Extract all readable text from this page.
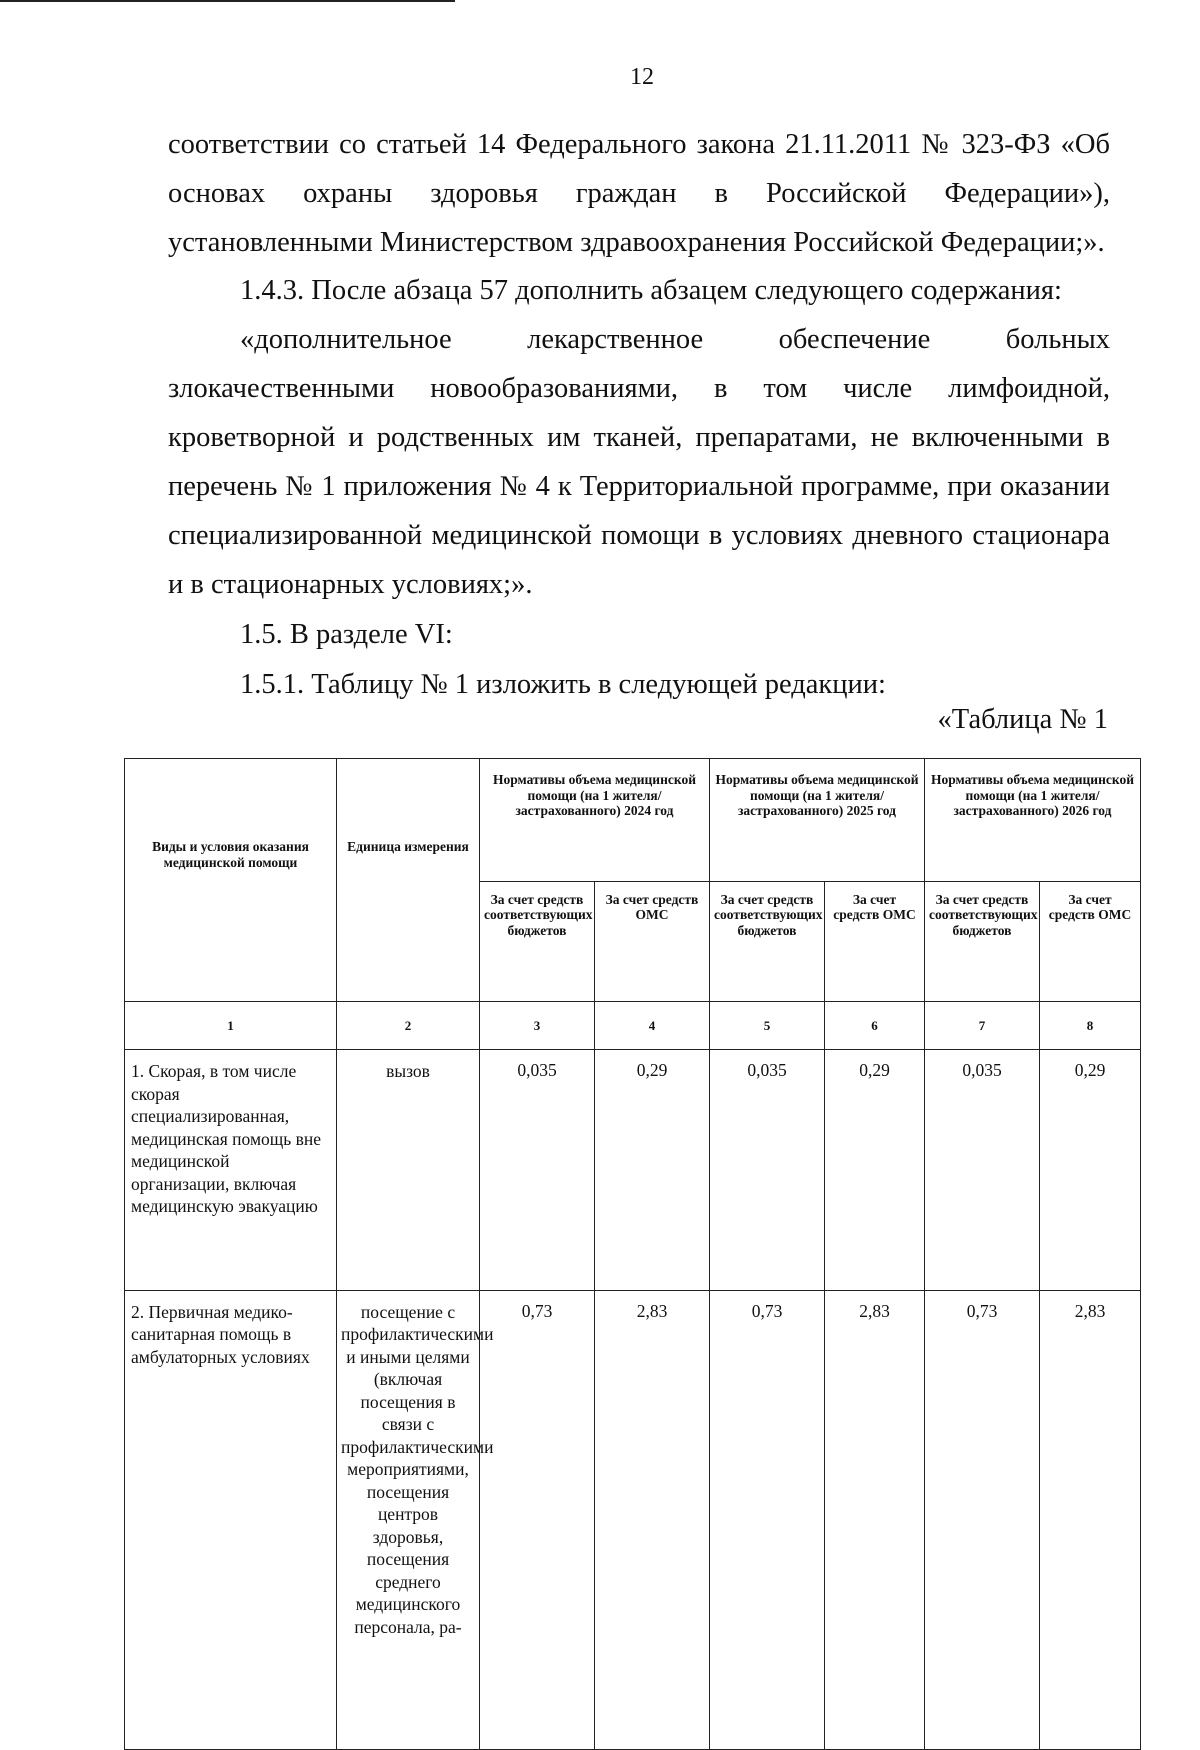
12
соответствии со статьей 14 Федерального закона 21.11.2011 № 323-ФЗ «Об основах охраны здоровья граждан в Российской Федерации»), установленными Министерством здравоохранения Российской Федерации;».
1.4.3. После абзаца 57 дополнить абзацем следующего содержания:
«дополнительное лекарственное обеспечение больных злокачественными новообразованиями, в том числе лимфоидной, кроветворной и родственных им тканей, препаратами, не включенными в перечень № 1 приложения № 4 к Территориальной программе, при оказании специализированной медицинской помощи в условиях дневного стационара и в стационарных условиях;».
1.5. В разделе VI:
1.5.1. Таблицу № 1 изложить в следующей редакции:
«Таблица № 1
Виды и условия оказания медицинской помощи	Единица измерения	Нормативы объема медицинской помощи (на 1 жителя/застрахованного) 2024 год		Нормативы объема медицинской помощи (на 1 жителя/застрахованного) 2025 год		Нормативы объема медицинской помощи (на 1 жителя/застрахованного) 2026 год	
		За счет средств соответствующих бюджетов	За счет средств ОМС	За счет средств соответствующих бюджетов	За счет средств ОМС	За счет средств соответствующих бюджетов	За счет средств ОМС
1	2	3	4	5	6	7	8
1. Скорая, в том числе скорая специализированная, медицинская помощь вне медицинской организации, включая медицинскую эвакуацию	вызов	0,035	0,29	0,035	0,29	0,035	0,29
2. Первичная медико-санитарная помощь в амбулаторных условиях	посещение с профилактическими и иными целями (включая посещения в связи с профилактическими мероприятиями, посещения центров здоровья, посещения среднего медицинского персонала, ра-	0,73	2,83	0,73	2,83	0,73	2,83
